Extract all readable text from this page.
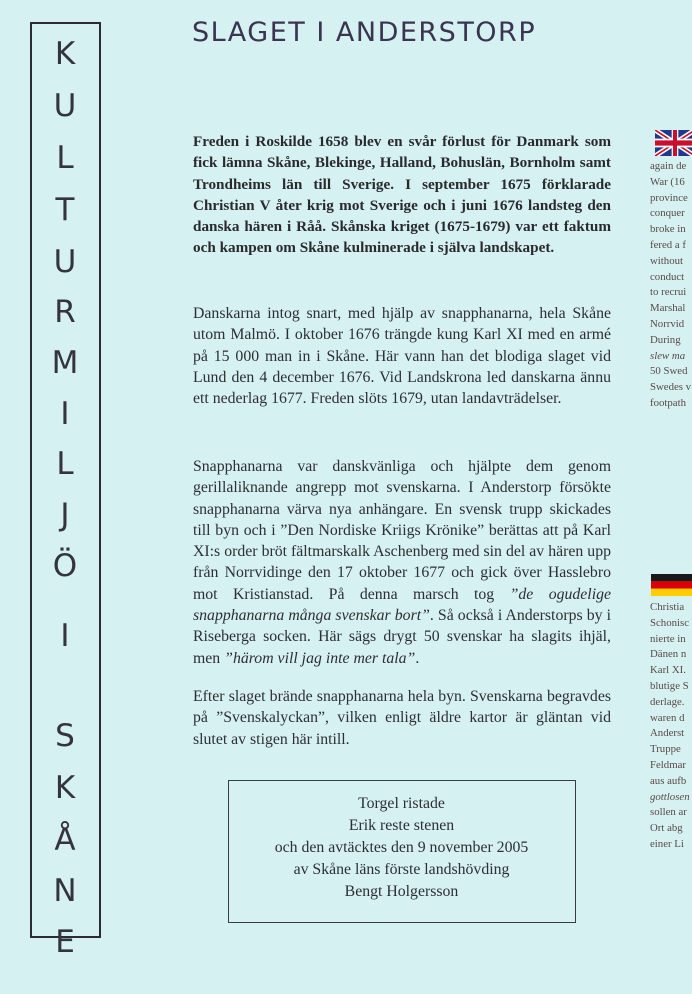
K
U
L
T
U
R
M
I
L
J
Ö
I
S
K
Å
N
E
SLAGET I ANDERSTORP

Freden i Roskilde 1658 blev en svår förlust för Danmark som fick lämna Skåne, Blekinge, Halland, Bohuslän, Bornholm samt Trondheims län till Sverige. I september 1675 förklarade Christian V åter krig mot Sverige och i juni 1676 landsteg den danska hären i Råå. Skånska kriget (1675-1679) var ett faktum och kampen om Skåne kulminerade i själva landskapet.

Danskarna intog snart, med hjälp av snapphanarna, hela Skåne utom Malmö. I oktober 1676 trängde kung Karl XI med en armé på 15 000 man in i Skåne. Här vann han det blodiga slaget vid Lund den 4 december 1676. Vid Landskrona led danskarna ännu ett nederlag 1677. Freden slöts 1679, utan landavträdelser.

Snapphanarna var danskvänliga och hjälpte dem genom gerillaliknande angrepp mot svenskarna. I Anderstorp försökte snapphanarna värva nya anhängare. En svensk trupp skickades till byn och i ”Den Nordiske Kriigs Krönike” berättas att på Karl XI:s order bröt fältmarskalk Aschenberg med sin del av hären upp från Norrvidinge den 17 oktober 1677 och gick över Hasslebro mot Kristianstad. På denna marsch tog ”de ogudelige snapphanarna många svenskar bort”. Så också i Anderstorps by i Riseberga socken. Här sägs drygt 50 svenskar ha slagits ihjäl, men ”härom vill jag inte mer tala”.

Efter slaget brände snapphanarna hela byn. Svenskarna begravdes på ”Svenskalyckan”, vilken enligt äldre kartor är gläntan vid slutet av stigen här intill.

Torgel ristade
Erik reste stenen
och den avtäcktes den 9 november 2005
av Skåne läns förste landshövding
Bengt Holgersson
again de
War (16
province
conquer
broke in
fered a f
without
conduct
to recrui
Marshal
Norrvid
During
slew ma
50 Swed
Swedes v
footpath
Christia
Schonisc
nierte in
Dänen n
Karl XI.
blutige S
derlage.
waren d
Anderst
Truppe
Feldmar
aus aufb
gottlosen
sollen ar
Ort abg
einer Li
